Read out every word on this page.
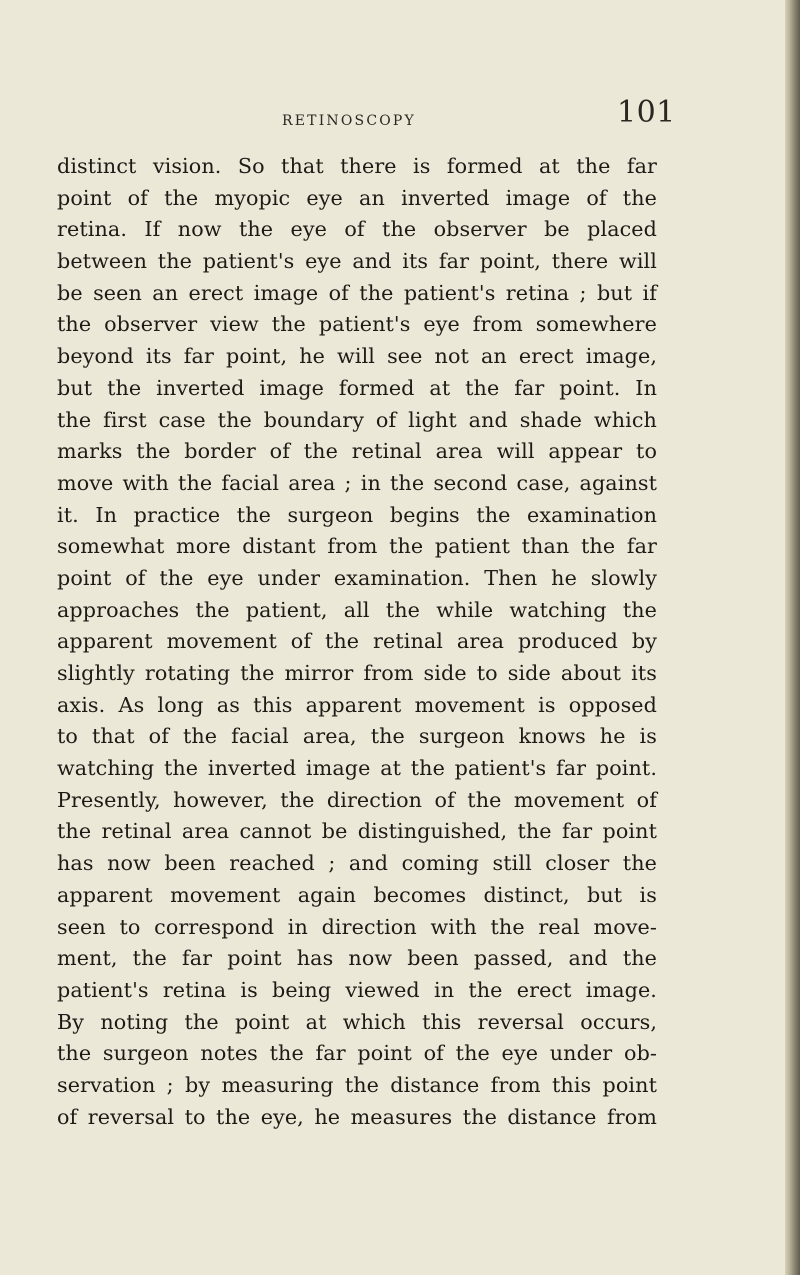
RETINOSCOPY	101
distinct vision. So that there is formed at the far
point of the myopic eye an inverted image of the
retina. If now the eye of the observer be placed
between the patient's eye and its far point, there will
be seen an erect image of the patient's retina ; but if
the observer view the patient's eye from somewhere
beyond its far point, he will see not an erect image,
but the inverted image formed at the far point. In
the first case the boundary of light and shade which
marks the border of the retinal area will appear to
move with the facial area ; in the second case, against
it. In practice the surgeon begins the examination
somewhat more distant from the patient than the far
point of the eye under examination. Then he slowly
approaches the patient, all the while watching the
apparent movement of the retinal area produced by
slightly rotating the mirror from side to side about its
axis. As long as this apparent movement is opposed
to that of the facial area, the surgeon knows he is
watching the inverted image at the patient's far point.
Presently, however, the direction of the movement of
the retinal area cannot be distinguished, the far point
has now been reached ; and coming still closer the
apparent movement again becomes distinct, but is
seen to correspond in direction with the real move-
ment, the far point has now been passed, and the
patient's retina is being viewed in the erect image.
By noting the point at which this reversal occurs,
the surgeon notes the far point of the eye under ob-
servation ; by measuring the distance from this point
of reversal to the eye, he measures the distance from
